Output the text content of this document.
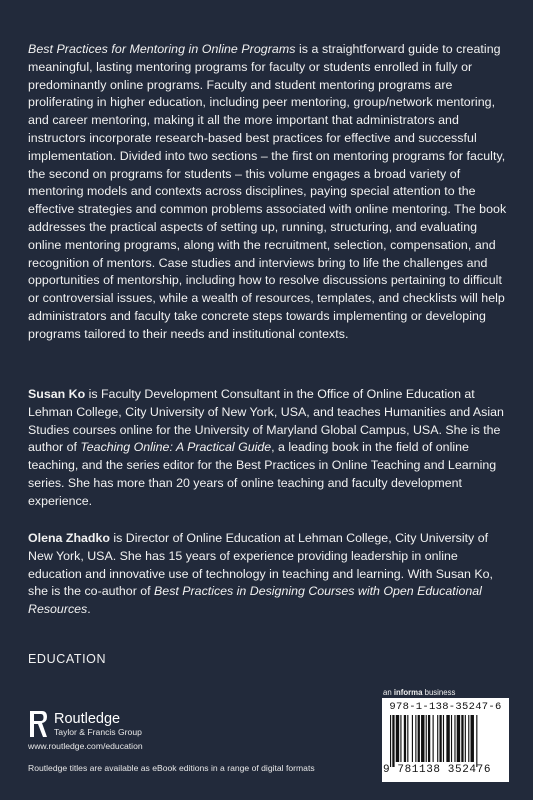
Best Practices for Mentoring in Online Programs is a straightforward guide to creating meaningful, lasting mentoring programs for faculty or students enrolled in fully or predominantly online programs. Faculty and student mentoring programs are proliferating in higher education, including peer mentoring, group/network mentoring, and career mentoring, making it all the more important that administrators and instructors incorporate research-based best practices for effective and successful implementation. Divided into two sections – the first on mentoring programs for faculty, the second on programs for students – this volume engages a broad variety of mentoring models and contexts across disciplines, paying special attention to the effective strategies and common problems associated with online mentoring. The book addresses the practical aspects of setting up, running, structuring, and evaluating online mentoring programs, along with the recruitment, selection, compensation, and recognition of mentors. Case studies and interviews bring to life the challenges and opportunities of mentorship, including how to resolve discussions pertaining to difficult or controversial issues, while a wealth of resources, templates, and checklists will help administrators and faculty take concrete steps towards implementing or developing programs tailored to their needs and institutional contexts.

Susan Ko is Faculty Development Consultant in the Office of Online Education at Lehman College, City University of New York, USA, and teaches Humanities and Asian Studies courses online for the University of Maryland Global Campus, USA. She is the author of Teaching Online: A Practical Guide, a leading book in the field of online teaching, and the series editor for the Best Practices in Online Teaching and Learning series. She has more than 20 years of online teaching and faculty development experience.

Olena Zhadko is Director of Online Education at Lehman College, City University of New York, USA. She has 15 years of experience providing leadership in online education and innovative use of technology in teaching and learning. With Susan Ko, she is the co-author of Best Practices in Designing Courses with Open Educational Resources.

EDUCATION
Routledge
Taylor & Francis Group
www.routledge.com/education
Routledge titles are available as eBook editions in a range of digital formats
an informa business
978-1-138-35247-6
9 781138 352476
